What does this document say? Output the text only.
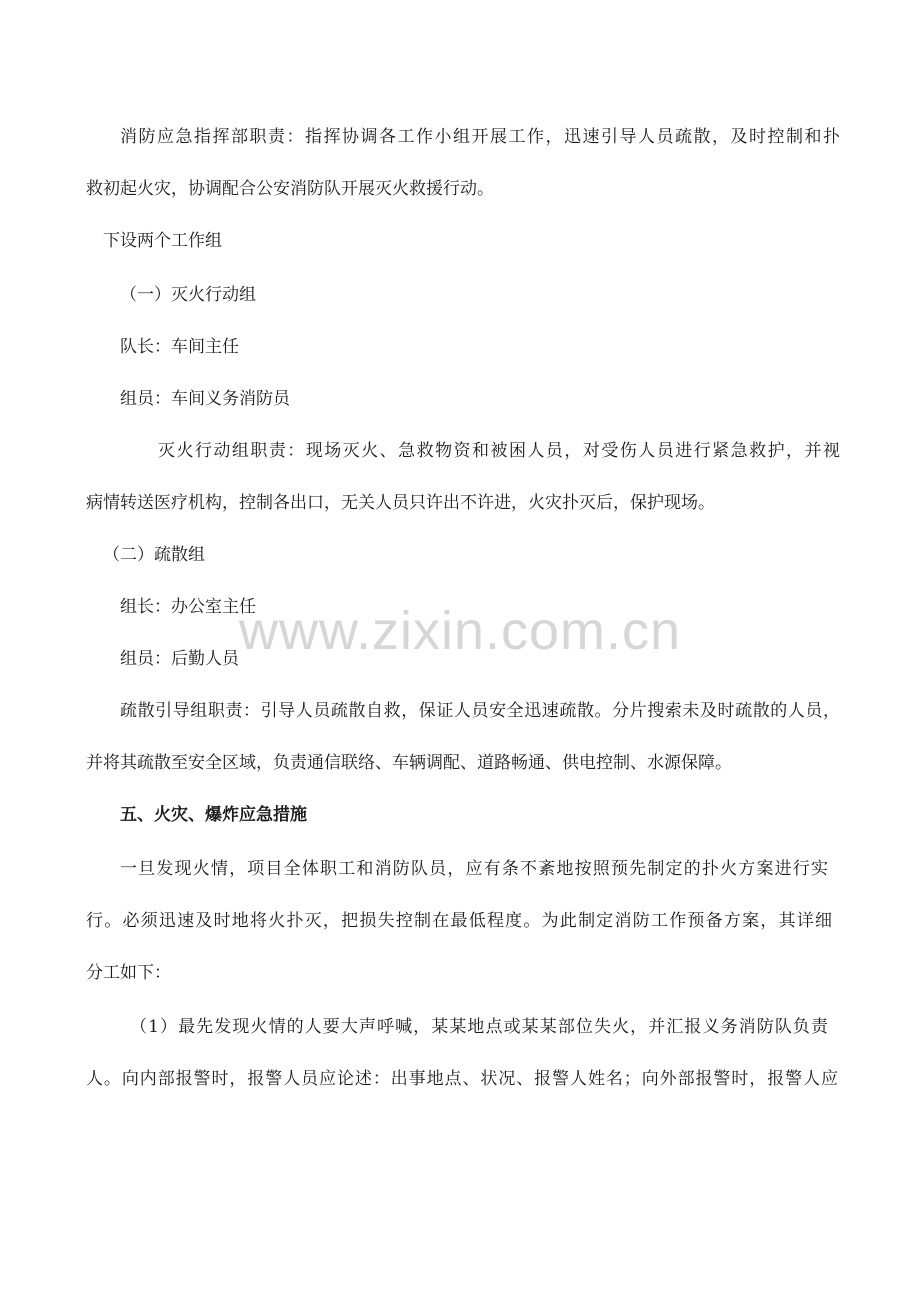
www.zixin.com.cn
消防应急指挥部职责：指挥协调各工作小组开展工作，迅速引导人员疏散，及时控制和扑
救初起火灾，协调配合公安消防队开展灭火救援行动。
下设两个工作组
（一）灭火行动组
队长：车间主任
组员：车间义务消防员
灭火行动组职责：现场灭火、急救物资和被困人员，对受伤人员进行紧急救护，并视
病情转送医疗机构，控制各出口，无关人员只许出不许进，火灾扑灭后，保护现场。
（二）疏散组
组长：办公室主任
组员：后勤人员
疏散引导组职责：引导人员疏散自救，保证人员安全迅速疏散。分片搜索未及时疏散的人员，
并将其疏散至安全区域，负责通信联络、车辆调配、道路畅通、供电控制、水源保障。
五、火灾、爆炸应急措施
一旦发现火情，项目全体职工和消防队员，应有条不紊地按照预先制定的扑火方案进行实
行。必须迅速及时地将火扑灭，把损失控制在最低程度。为此制定消防工作预备方案，其详细
分工如下：
（1）最先发现火情的人要大声呼喊，某某地点或某某部位失火，并汇报义务消防队负责
人。向内部报警时，报警人员应论述：出事地点、状况、报警人姓名；向外部报警时，报警人应
